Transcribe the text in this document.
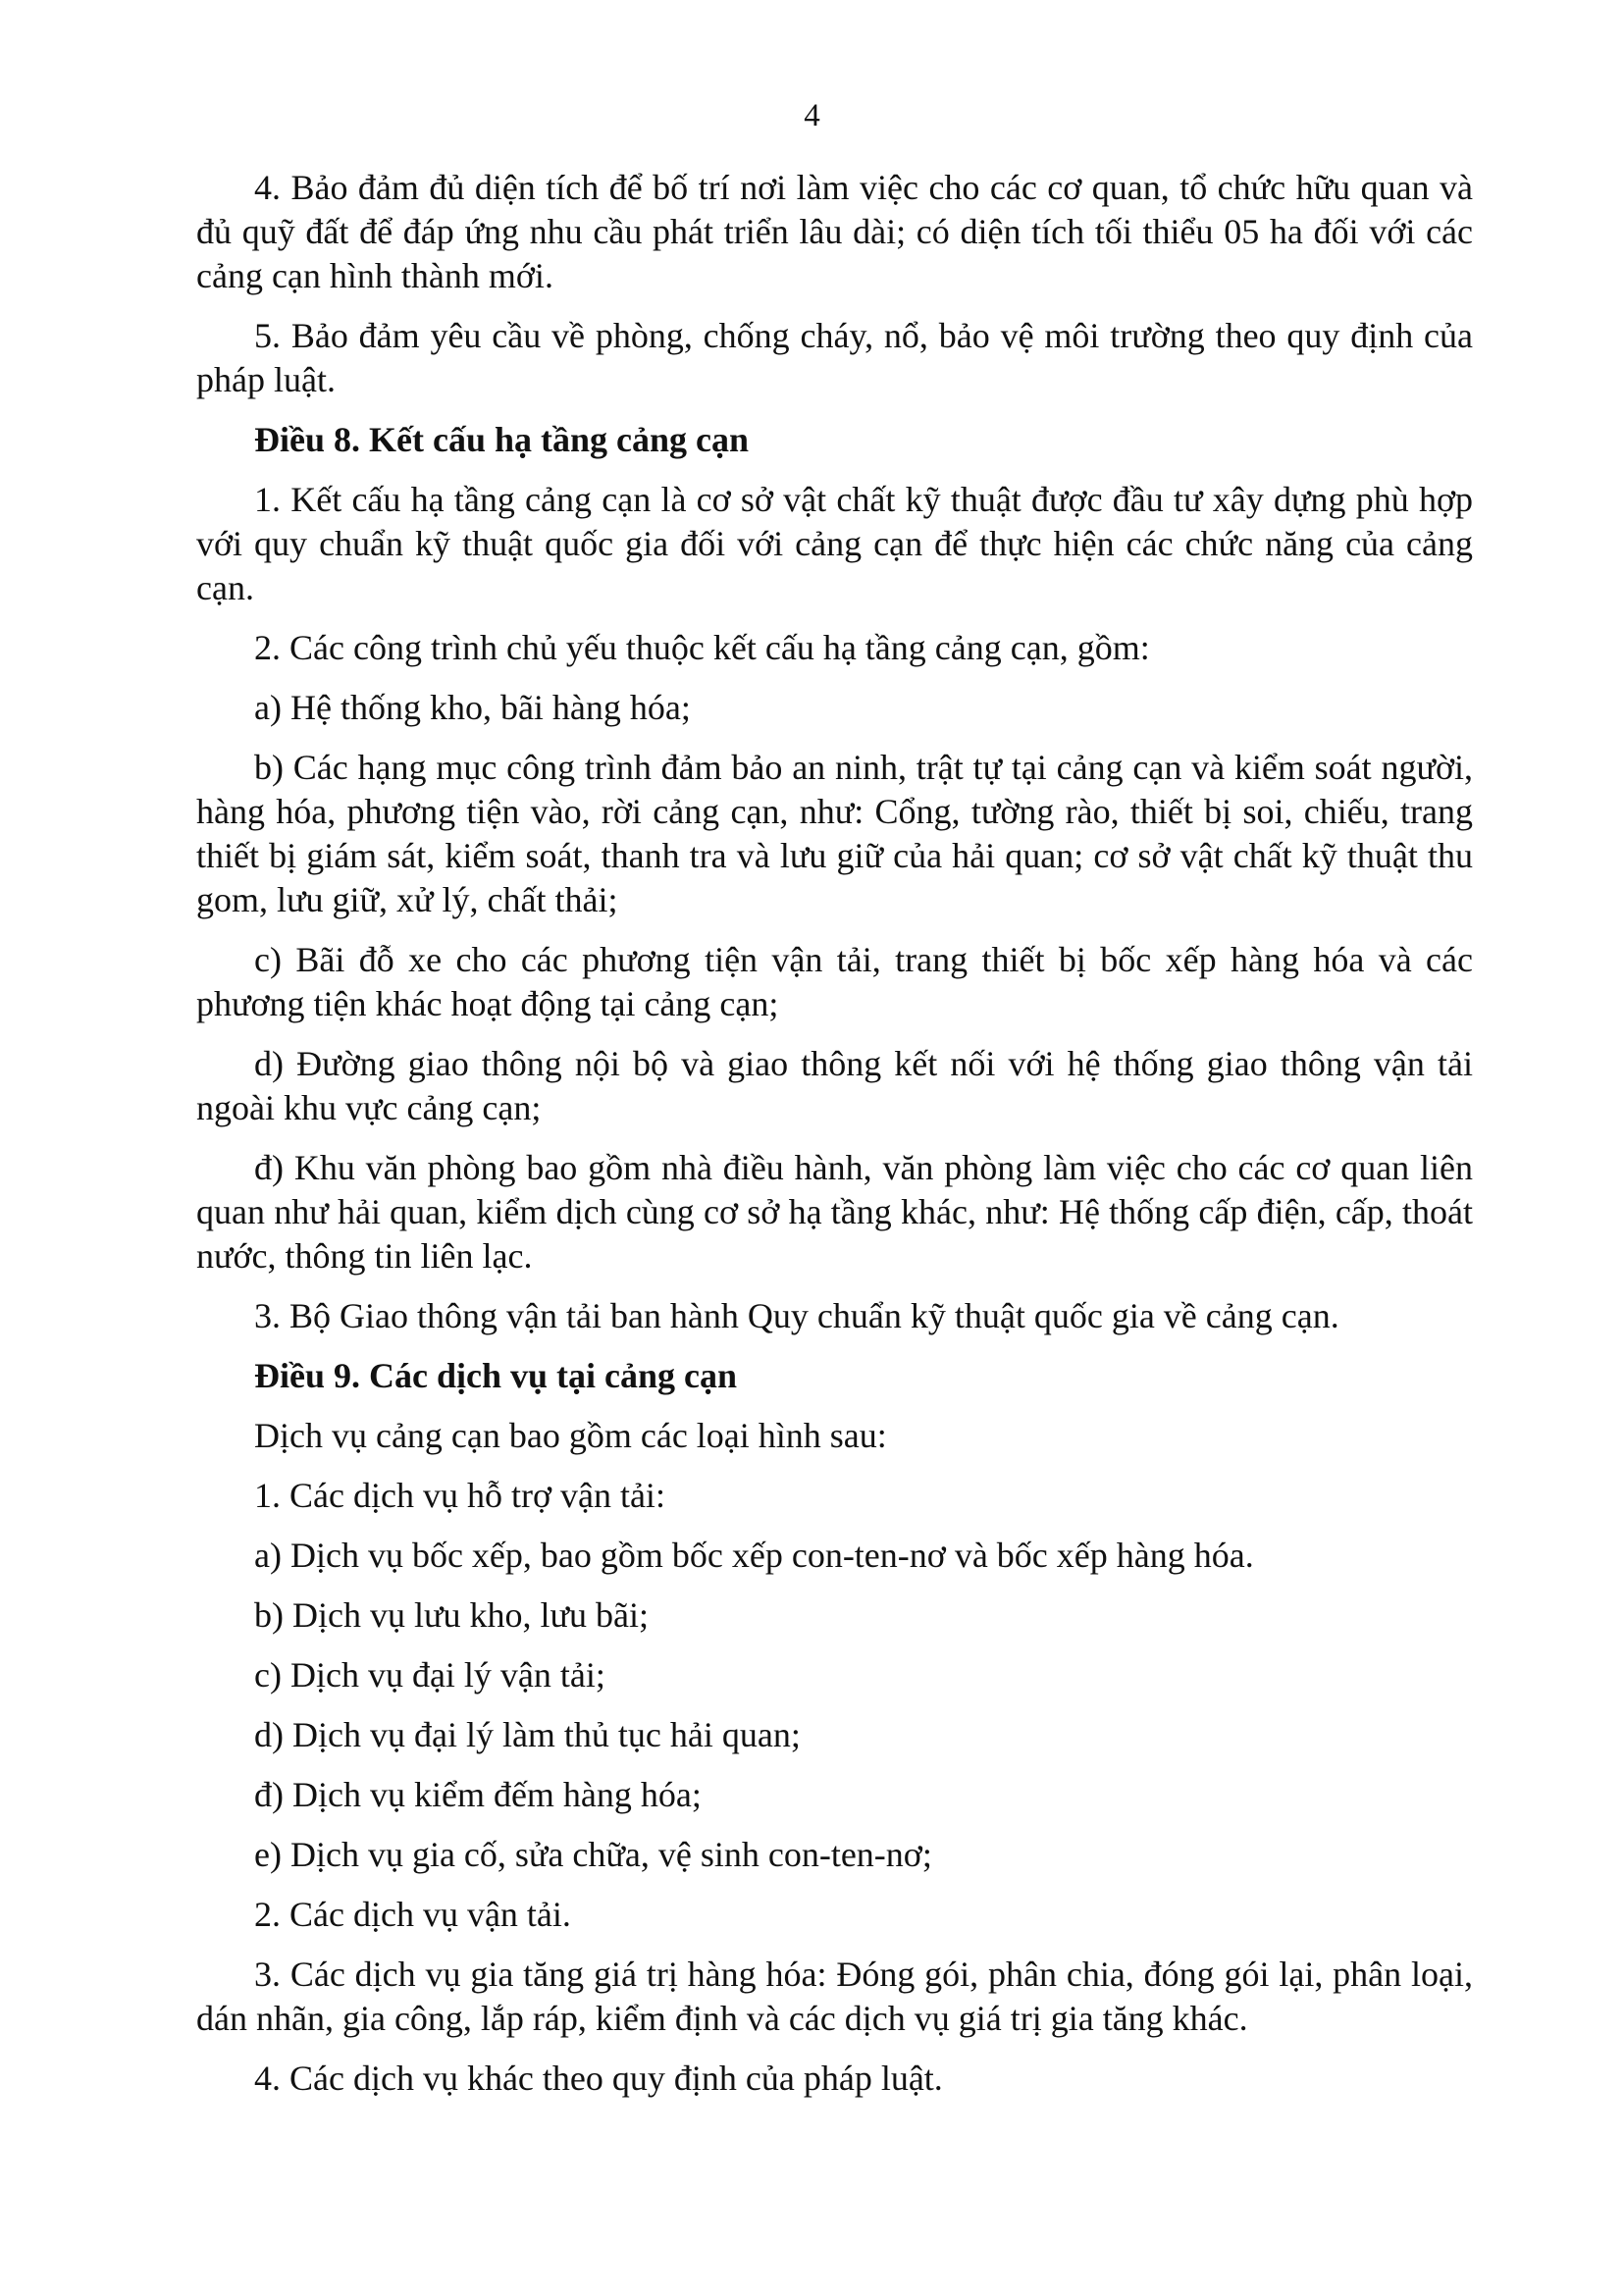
4

4. Bảo đảm đủ diện tích để bố trí nơi làm việc cho các cơ quan, tổ chức hữu quan và đủ quỹ đất để đáp ứng nhu cầu phát triển lâu dài; có diện tích tối thiểu 05 ha đối với các cảng cạn hình thành mới.

5. Bảo đảm yêu cầu về phòng, chống cháy, nổ, bảo vệ môi trường theo quy định của pháp luật.

Điều 8. Kết cấu hạ tầng cảng cạn

1. Kết cấu hạ tầng cảng cạn là cơ sở vật chất kỹ thuật được đầu tư xây dựng phù hợp với quy chuẩn kỹ thuật quốc gia đối với cảng cạn để thực hiện các chức năng của cảng cạn.

2. Các công trình chủ yếu thuộc kết cấu hạ tầng cảng cạn, gồm:

a) Hệ thống kho, bãi hàng hóa;

b) Các hạng mục công trình đảm bảo an ninh, trật tự tại cảng cạn và kiểm soát người, hàng hóa, phương tiện vào, rời cảng cạn, như: Cổng, tường rào, thiết bị soi, chiếu, trang thiết bị giám sát, kiểm soát, thanh tra và lưu giữ của hải quan; cơ sở vật chất kỹ thuật thu gom, lưu giữ, xử lý, chất thải;

c) Bãi đỗ xe cho các phương tiện vận tải, trang thiết bị bốc xếp hàng hóa và các phương tiện khác hoạt động tại cảng cạn;

d) Đường giao thông nội bộ và giao thông kết nối với hệ thống giao thông vận tải ngoài khu vực cảng cạn;

đ) Khu văn phòng bao gồm nhà điều hành, văn phòng làm việc cho các cơ quan liên quan như hải quan, kiểm dịch cùng cơ sở hạ tầng khác, như: Hệ thống cấp điện, cấp, thoát nước, thông tin liên lạc.

3. Bộ Giao thông vận tải ban hành Quy chuẩn kỹ thuật quốc gia về cảng cạn.

Điều 9. Các dịch vụ tại cảng cạn

Dịch vụ cảng cạn bao gồm các loại hình sau:

1. Các dịch vụ hỗ trợ vận tải:

a) Dịch vụ bốc xếp, bao gồm bốc xếp con-ten-nơ và bốc xếp hàng hóa.

b) Dịch vụ lưu kho, lưu bãi;

c) Dịch vụ đại lý vận tải;

d) Dịch vụ đại lý làm thủ tục hải quan;

đ) Dịch vụ kiểm đếm hàng hóa;

e) Dịch vụ gia cố, sửa chữa, vệ sinh con-ten-nơ;

2. Các dịch vụ vận tải.

3. Các dịch vụ gia tăng giá trị hàng hóa: Đóng gói, phân chia, đóng gói lại, phân loại, dán nhãn, gia công, lắp ráp, kiểm định và các dịch vụ giá trị gia tăng khác.

4. Các dịch vụ khác theo quy định của pháp luật.
